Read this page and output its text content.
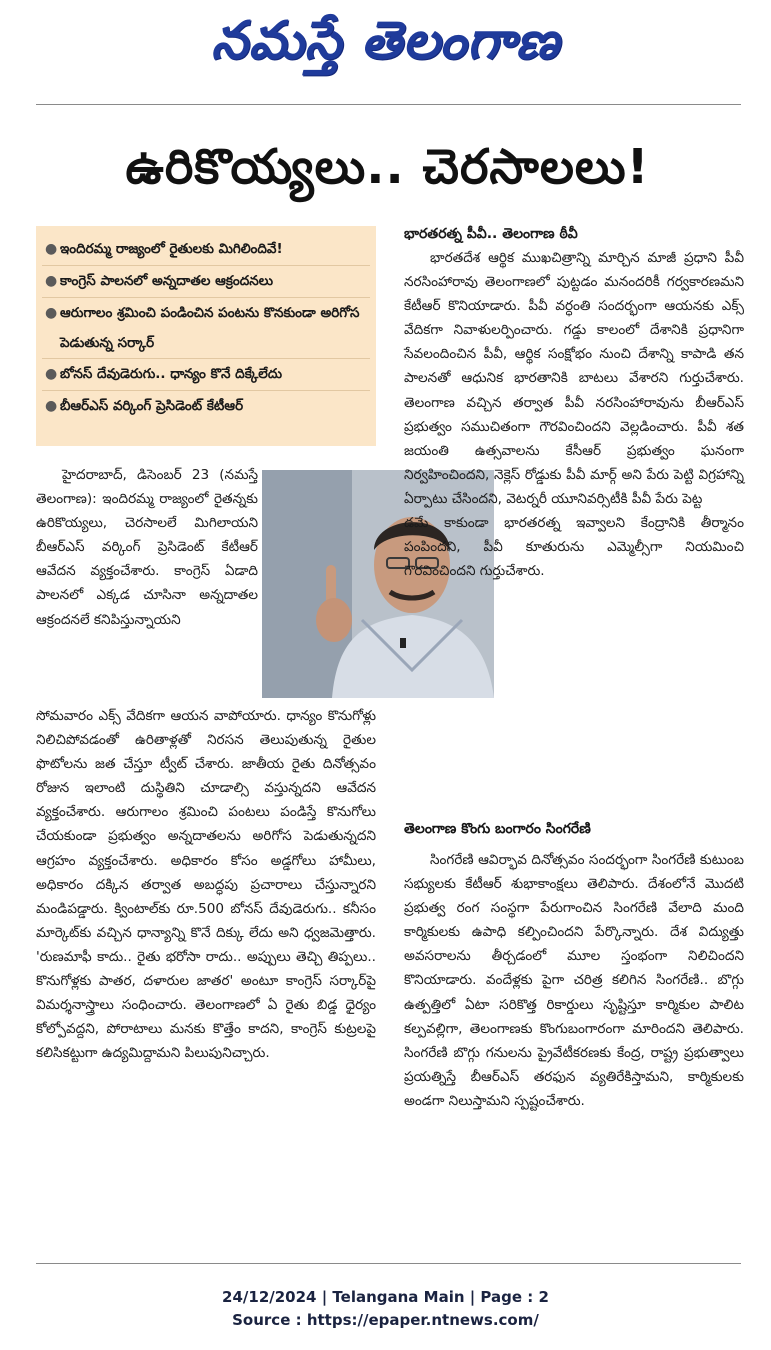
నమస్తే తెలంగాణ
ఉరికొయ్యలు.. చెరసాలలు!
● ఇందిరమ్మ రాజ్యంలో రైతులకు మిగిలిందివే!
● కాంగ్రెస్ పాలనలో అన్నదాతల ఆక్రందనలు
● ఆరుగాలం శ్రమించి పండించిన పంటను కొనకుండా అరిగోస పెడుతున్న సర్కార్
● బోనస్ దేవుడెరుగు.. ధాన్యం కొనే దిక్కేలేదు
● బీఆర్ఎస్ వర్కింగ్ ప్రెసిడెంట్ కేటీఆర్

హైదరాబాద్, డిసెంబర్ 23 (నమస్తే తెలంగాణ): ఇందిరమ్మ రాజ్యంలో రైతన్నకు ఉరికొయ్యలు, చెరసాలలే మిగిలాయని బీఆర్ఎస్ వర్కింగ్ ప్రెసిడెంట్ కేటీఆర్ ఆవేదన వ్యక్తంచేశారు. కాంగ్రెస్ ఏడాది పాలనలో ఎక్కడ చూసినా అన్నదాతల ఆక్రందనలే కనిపిస్తున్నాయని

సోమవారం ఎక్స్ వేదికగా ఆయన వాపోయారు. ధాన్యం కొనుగోళ్లు నిలిచిపోవడంతో ఉరితాళ్లతో నిరసన తెలుపుతున్న రైతుల ఫొటోలను జత చేస్తూ ట్వీట్ చేశారు. జాతీయ రైతు దినోత్సవం రోజున ఇలాంటి దుస్థితిని చూడాల్సి వస్తున్నదని ఆవేదన వ్యక్తంచేశారు. ఆరుగాలం శ్రమించి పంటలు పండిస్తే కొనుగోలు చేయకుండా ప్రభుత్వం అన్నదాతలను అరిగోస పెడుతున్నదని ఆగ్రహం వ్యక్తంచేశారు. అధికారం కోసం అడ్డగోలు హామీలు, అధికారం దక్కిన తర్వాత అబద్ధపు ప్రచారాలు చేస్తున్నారని మండిపడ్డారు. క్వింటాల్‌కు రూ.500 బోనస్ దేవుడెరుగు.. కనీసం మార్కెట్‌కు వచ్చిన ధాన్యాన్ని కొనే దిక్కు లేదు అని ధ్వజమెత్తారు. 'రుణమాఫీ కాదు.. రైతు భరోసా రాదు.. అప్పులు తెచ్చి తిప్పలు.. కొనుగోళ్లకు పాతర, దళారుల జాతర' అంటూ కాంగ్రెస్ సర్కార్‌పై విమర్శనాస్త్రాలు సంధించారు. తెలంగాణలో ఏ రైతు బిడ్డ ధైర్యం కోల్పోవద్దని, పోరాటాలు మనకు కొత్తేం కాదని, కాంగ్రెస్ కుట్రలపై కలిసికట్టుగా ఉద్యమిద్దామని పిలుపునిచ్చారు.

భారతరత్న పీవీ.. తెలంగాణ ఠీవీ

భారతదేశ ఆర్థిక ముఖచిత్రాన్ని మార్చిన మాజీ ప్రధాని పీవీ నరసింహారావు తెలంగాణలో పుట్టడం మనందరికీ గర్వకారణమని కేటీఆర్ కొనియాడారు. పీవీ వర్ధంతి సందర్భంగా ఆయనకు ఎక్స్ వేదికగా నివాళులర్పించారు. గడ్డు కాలంలో దేశానికి ప్రధానిగా సేవలందించిన పీవీ, ఆర్థిక సంక్షోభం నుంచి దేశాన్ని కాపాడి తన పాలనతో ఆధునిక భారతానికి బాటలు వేశారని గుర్తుచేశారు. తెలంగాణ వచ్చిన తర్వాత పీవీ నరసింహారావును బీఆర్ఎస్ ప్రభుత్వం సముచితంగా గౌరవించిందని వెల్లడించారు. పీవీ శత జయంతి ఉత్సవాలను కేసీఆర్ ప్రభుత్వం ఘనంగా నిర్వహించిందని, నెక్లెస్ రోడ్డుకు పీవీ మార్గ్ అని పేరు పెట్టి విగ్రహాన్ని ఏర్పాటు చేసిందని, వెటర్నరీ యూనివర్సిటీకి పీవీ పేరు పెట్ట

డమే కాకుండా భారతరత్న ఇవ్వాలని కేంద్రానికి తీర్మానం పంపిందని, పీవీ కూతురును ఎమ్మెల్సీగా నియమించి గౌరవించిందని గుర్తుచేశారు.

తెలంగాణ కొంగు బంగారం సింగరేణి

సింగరేణి ఆవిర్భావ దినోత్సవం సందర్భంగా సింగరేణి కుటుంబ సభ్యులకు కేటీఆర్ శుభాకాంక్షలు తెలిపారు. దేశంలోనే మొదటి ప్రభుత్వ రంగ సంస్థగా పేరుగాంచిన సింగరేణి వేలాది మంది కార్మికులకు ఉపాధి కల్పించిందని పేర్కొన్నారు. దేశ విద్యుత్తు అవసరాలను తీర్చడంలో మూల స్తంభంగా నిలిచిందని కొనియాడారు. వందేళ్లకు పైగా చరిత్ర కలిగిన సింగరేణి.. బొగ్గు ఉత్పత్తిలో ఏటా సరికొత్త రికార్డులు సృష్టిస్తూ కార్మికుల పాలిట కల్పవల్లిగా, తెలంగాణకు కొంగుబంగారంగా మారిందని తెలిపారు. సింగరేణి బొగ్గు గనులను ప్రైవేటీకరణకు కేంద్ర, రాష్ట్ర ప్రభుత్వాలు ప్రయత్నిస్తే బీఆర్ఎస్ తరఫున వ్యతిరేకిస్తామని, కార్మికులకు అండగా నిలుస్తామని స్పష్టంచేశారు.

24/12/2024 | Telangana Main | Page : 2
Source : https://epaper.ntnews.com/
